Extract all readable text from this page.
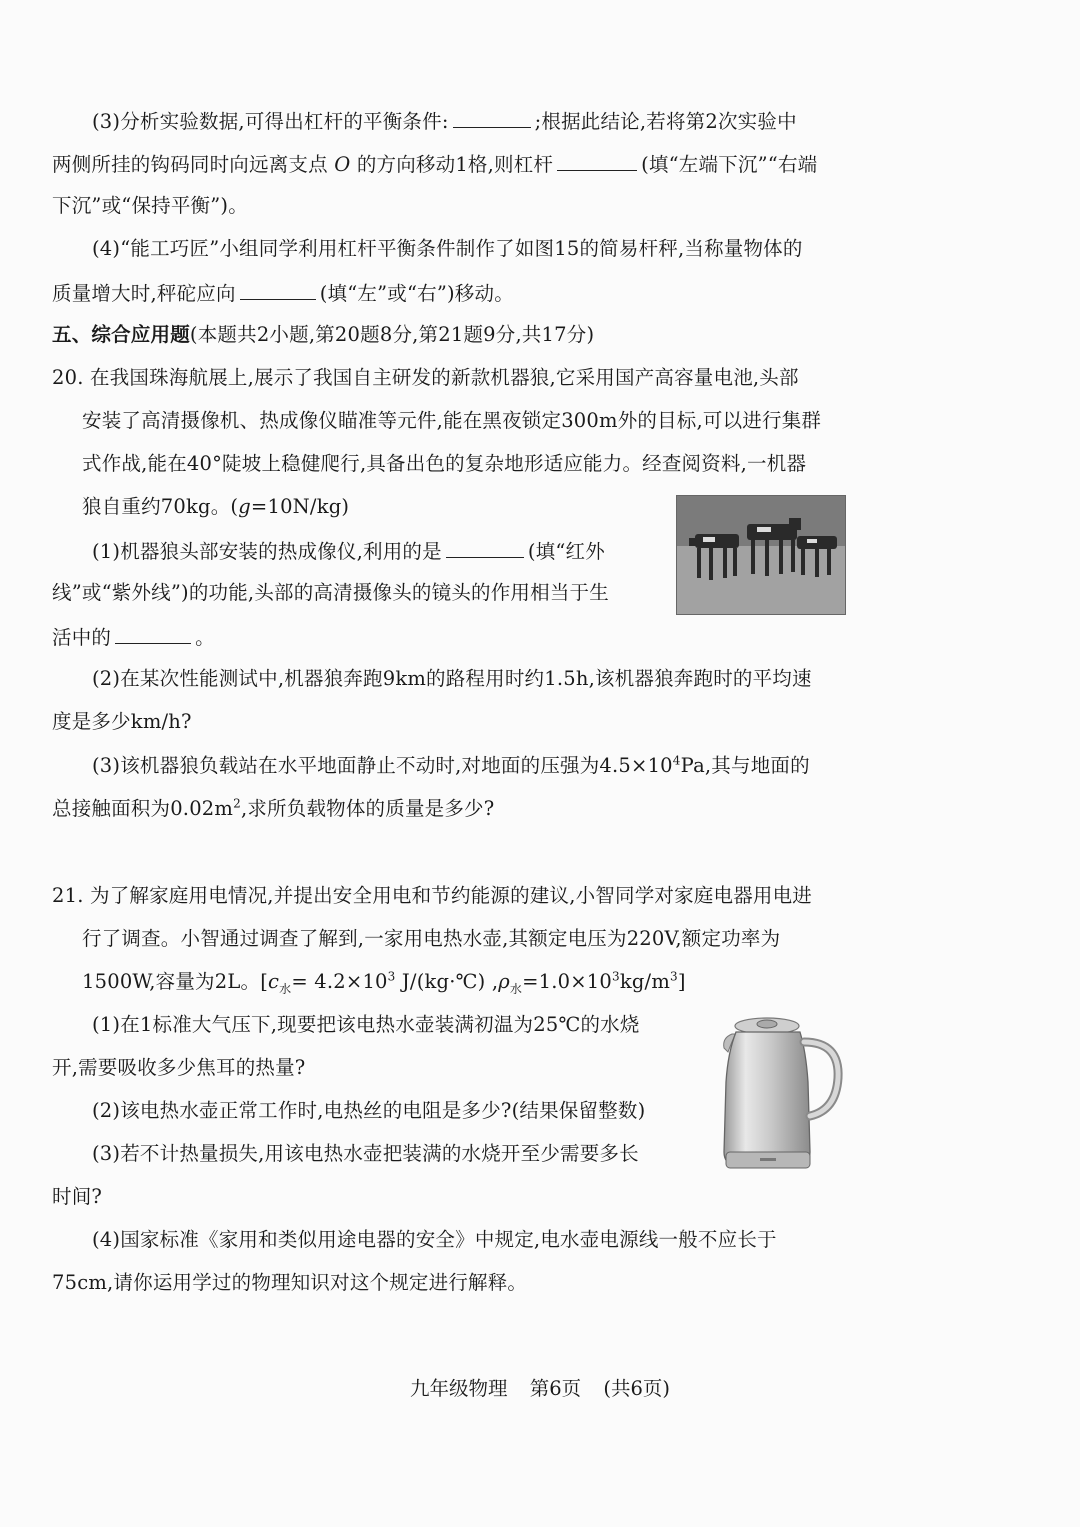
(3)分析实验数据,可得出杠杆的平衡条件:	;根据此结论,若将第2次实验中
两侧所挂的钩码同时向远离支点 O 的方向移动1格,则杠杆	(填“左端下沉”“右端
下沉”或“保持平衡”)。
(4)“能工巧匠”小组同学利用杠杆平衡条件制作了如图15的简易杆秤,当称量物体的
质量增大时,秤砣应向	(填“左”或“右”)移动。
五、综合应用题(本题共2小题,第20题8分,第21题9分,共17分)
20. 在我国珠海航展上,展示了我国自主研发的新款机器狼,它采用国产高容量电池,头部
安装了高清摄像机、热成像仪瞄准等元件,能在黑夜锁定300m外的目标,可以进行集群
式作战,能在40°陡坡上稳健爬行,具备出色的复杂地形适应能力。经查阅资料,一机器
狼自重约70kg。(g=10N/kg)
(1)机器狼头部安装的热成像仪,利用的是	(填“红外
线”或“紫外线”)的功能,头部的高清摄像头的镜头的作用相当于生
活中的	。
(2)在某次性能测试中,机器狼奔跑9km的路程用时约1.5h,该机器狼奔跑时的平均速
度是多少km/h?
(3)该机器狼负载站在水平地面静止不动时,对地面的压强为$4.5\times 10^4Pa$,其与地面的
总接触面积为$0.02m^2$,求所负载物体的质量是多少?
21. 为了解家庭用电情况,并提出安全用电和节约能源的建议,小智同学对家庭电器用电进
行了调查。小智通过调查了解到,一家用电热水壶,其额定电压为220V,额定功率为
1500W,容量为2L。[$c_水= 4.2\times 10^3$ J/(kg·℃) $,\rho_水=1.0\times 10^3kg/m^3$]
(1)在1标准大气压下,现要把该电热水壶装满初温为25℃的水烧
开,需要吸收多少焦耳的热量?
(2)该电热水壶正常工作时,电热丝的电阻是多少?(结果保留整数)
(3)若不计热量损失,用该电热水壶把装满的水烧开至少需要多长
时间?
(4)国家标准《家用和类似用途电器的安全》中规定,电水壶电源线一般不应长于
75cm,请你运用学过的物理知识对这个规定进行解释。
九年级物理 第6页 (共6页)
